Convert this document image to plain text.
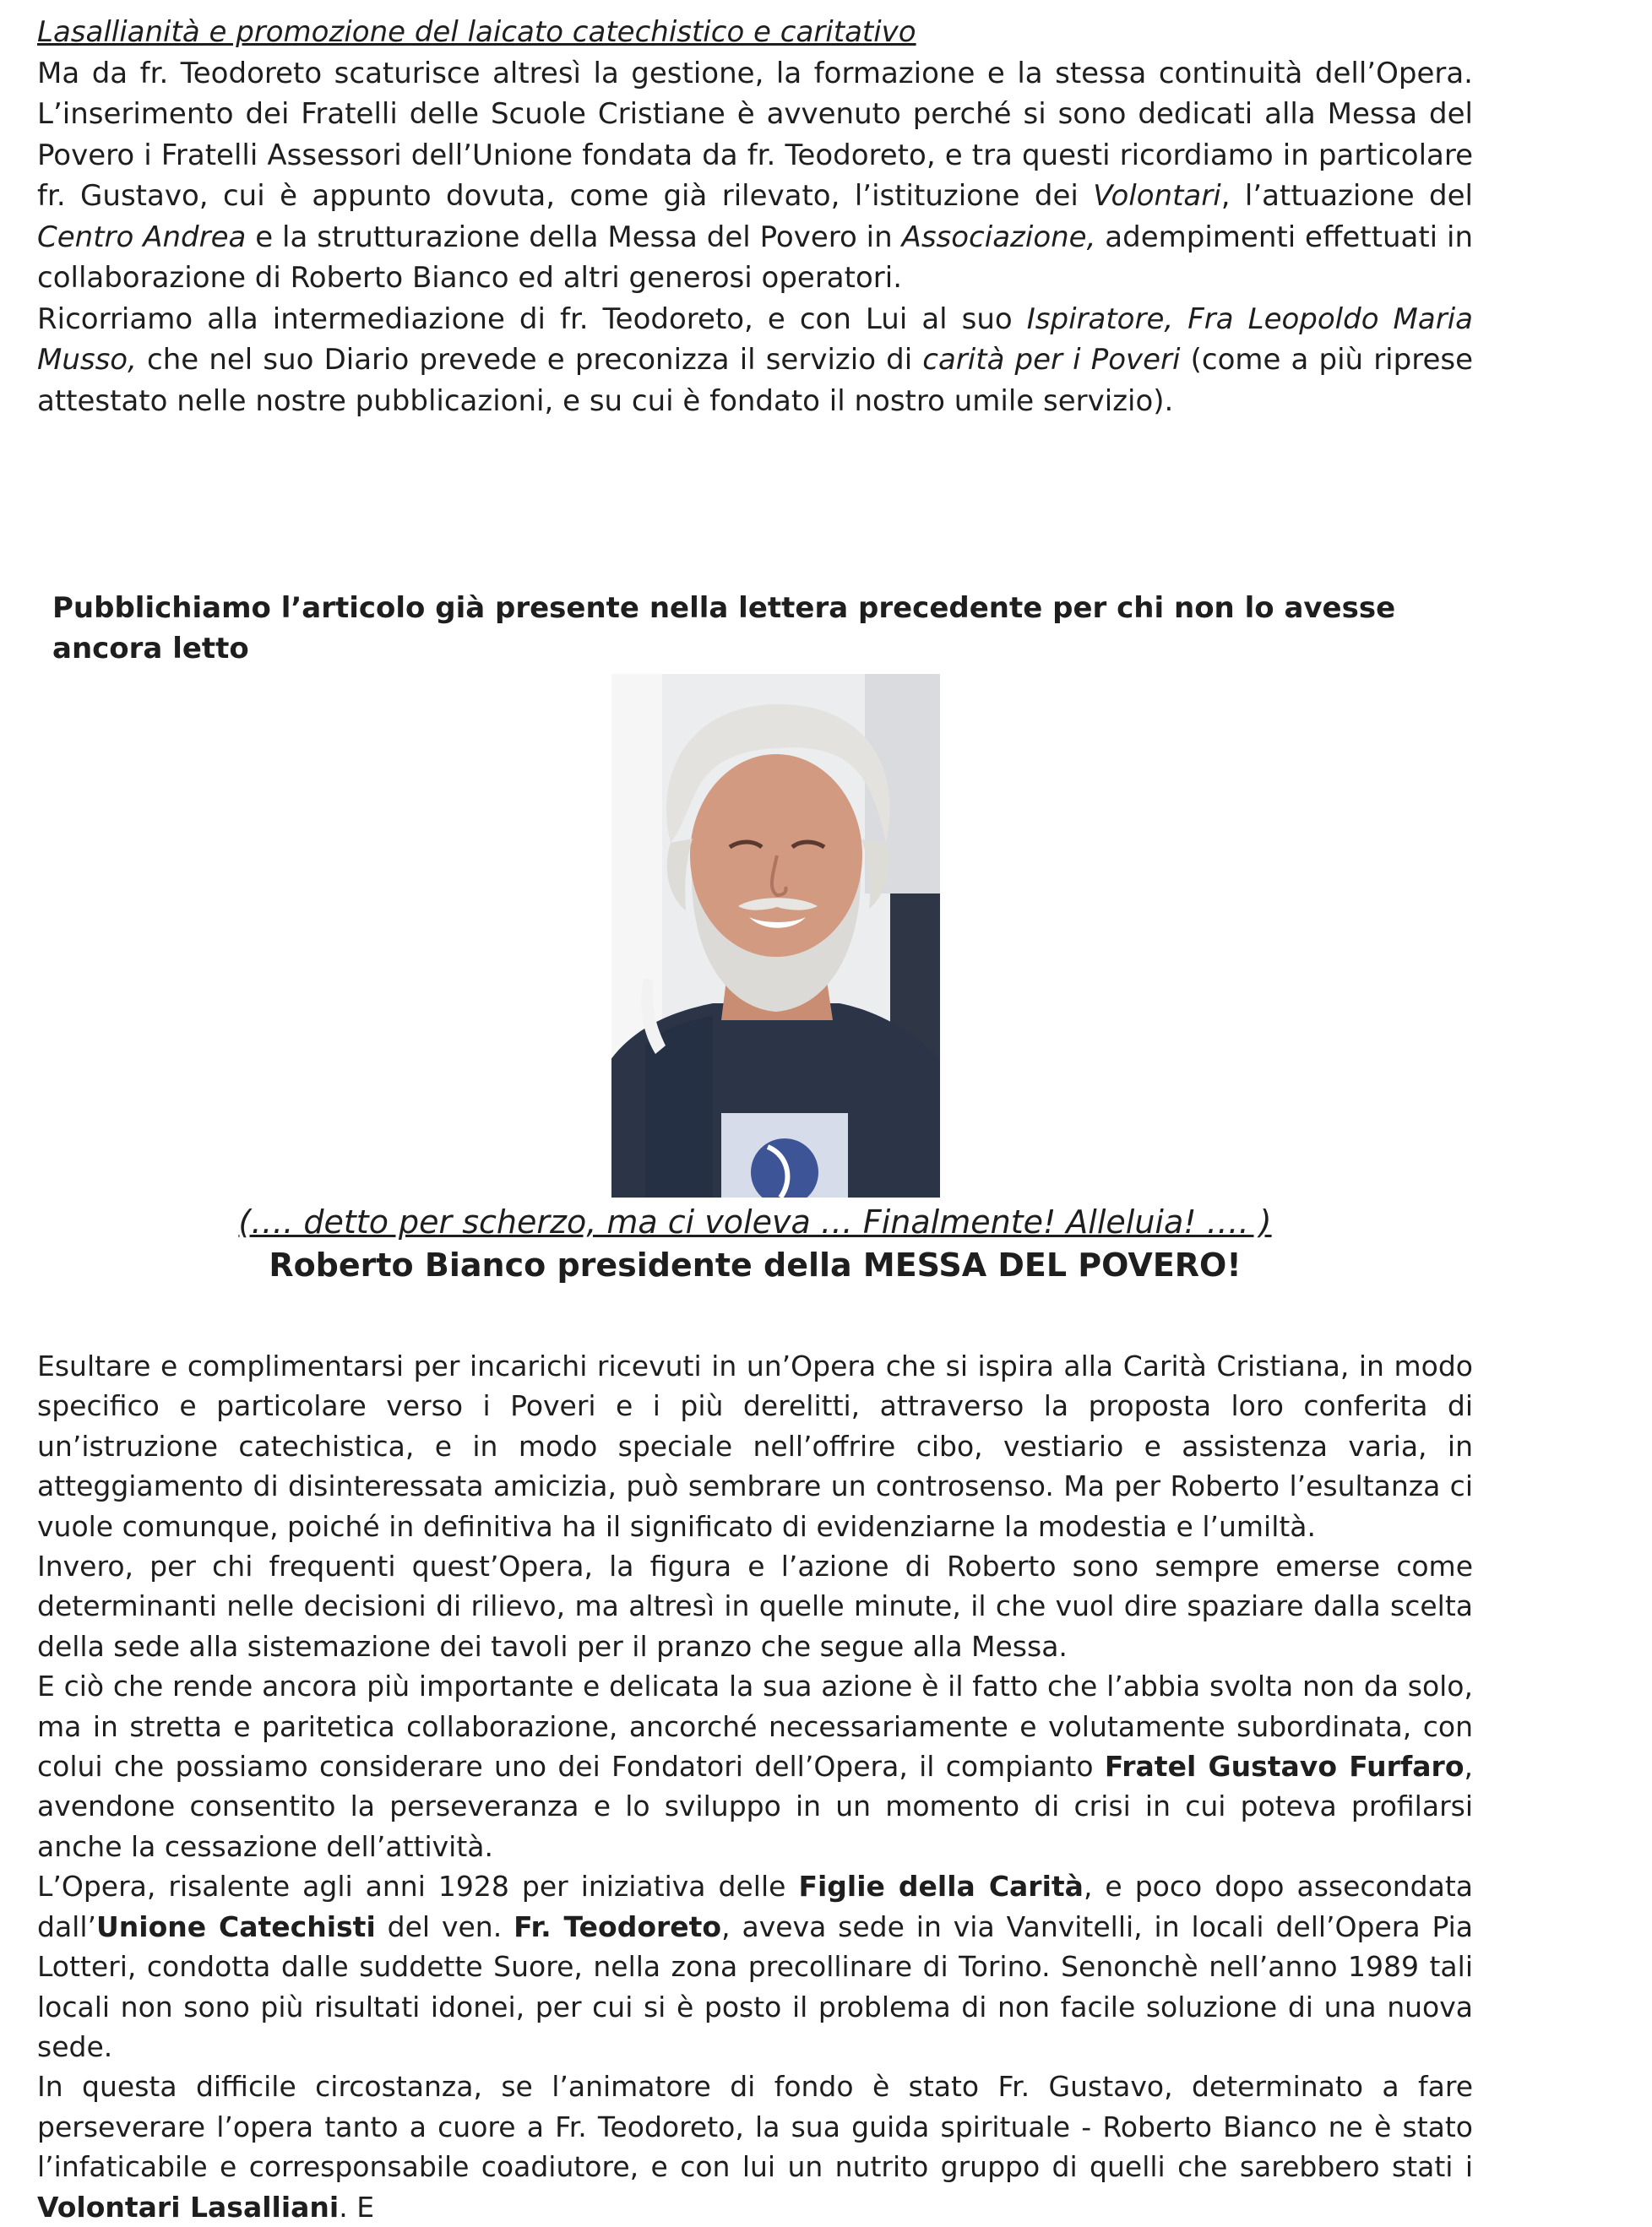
Lasallianità e promozione del laicato catechistico e caritativo

Ma da fr. Teodoreto scaturisce altresì la gestione, la formazione e la stessa continuità dell’Opera. L’inserimento dei Fratelli delle Scuole Cristiane è avvenuto perché si sono dedicati alla Messa del Povero i Fratelli Assessori dell’Unione fondata da fr. Teodoreto, e tra questi ricordiamo in particolare fr. Gustavo, cui è appunto dovuta, come già rilevato, l’istituzione dei Volontari, l’attuazione del Centro Andrea e la strutturazione della Messa del Povero in Associazione, adempimenti effettuati in collaborazione di Roberto Bianco ed altri generosi operatori.

Ricorriamo alla intermediazione di fr. Teodoreto, e con Lui al suo Ispiratore, Fra Leopoldo Maria Musso, che nel suo Diario prevede e preconizza il servizio di carità per i Poveri (come a più riprese attestato nelle nostre pubblicazioni, e su cui è fondato il nostro umile servizio).

Pubblichiamo l’articolo già presente nella lettera precedente per chi non lo avesse ancora letto

(…. detto per scherzo, ma ci voleva … Finalmente! Alleluia! …. )

Roberto Bianco presidente della MESSA DEL POVERO!

Esultare e complimentarsi per incarichi ricevuti in un’Opera che si ispira alla Carità Cristiana, in modo specifico e particolare verso i Poveri e i più derelitti, attraverso la proposta loro conferita di un’istruzione catechistica, e in modo speciale nell’offrire cibo, vestiario e assistenza varia, in atteggiamento di disinteressata amicizia, può sembrare un controsenso. Ma per Roberto l’esultanza ci vuole comunque, poiché in definitiva ha il significato di evidenziarne la modestia e l’umiltà.

Invero, per chi frequenti quest’Opera, la figura e l’azione di Roberto sono sempre emerse come determinanti nelle decisioni di rilievo, ma altresì in quelle minute, il che vuol dire spaziare dalla scelta della sede alla sistemazione dei tavoli per il pranzo che segue alla Messa.

E ciò che rende ancora più importante e delicata la sua azione è il fatto che l’abbia svolta non da solo, ma in stretta e paritetica collaborazione, ancorché necessariamente e volutamente subordinata, con colui che possiamo considerare uno dei Fondatori dell’Opera, il compianto Fratel Gustavo Furfaro, avendone consentito la perseveranza e lo sviluppo in un momento di crisi in cui poteva profilarsi anche la cessazione dell’attività.

L’Opera, risalente agli anni 1928 per iniziativa delle Figlie della Carità, e poco dopo assecondata dall’Unione Catechisti del ven. Fr. Teodoreto, aveva sede in via Vanvitelli, in locali dell’Opera Pia Lotteri, condotta dalle suddette Suore, nella zona precollinare di Torino. Senonchè nell’anno 1989 tali locali non sono più risultati idonei, per cui si è posto il problema di non facile soluzione di una nuova sede.

In questa difficile circostanza, se l’animatore di fondo è stato Fr. Gustavo, determinato a fare perseverare l’opera tanto a cuore a Fr. Teodoreto, la sua guida spirituale - Roberto Bianco ne è stato l’infaticabile e corresponsabile coadiutore, e con lui un nutrito gruppo di quelli che sarebbero stati i Volontari Lasalliani. E
